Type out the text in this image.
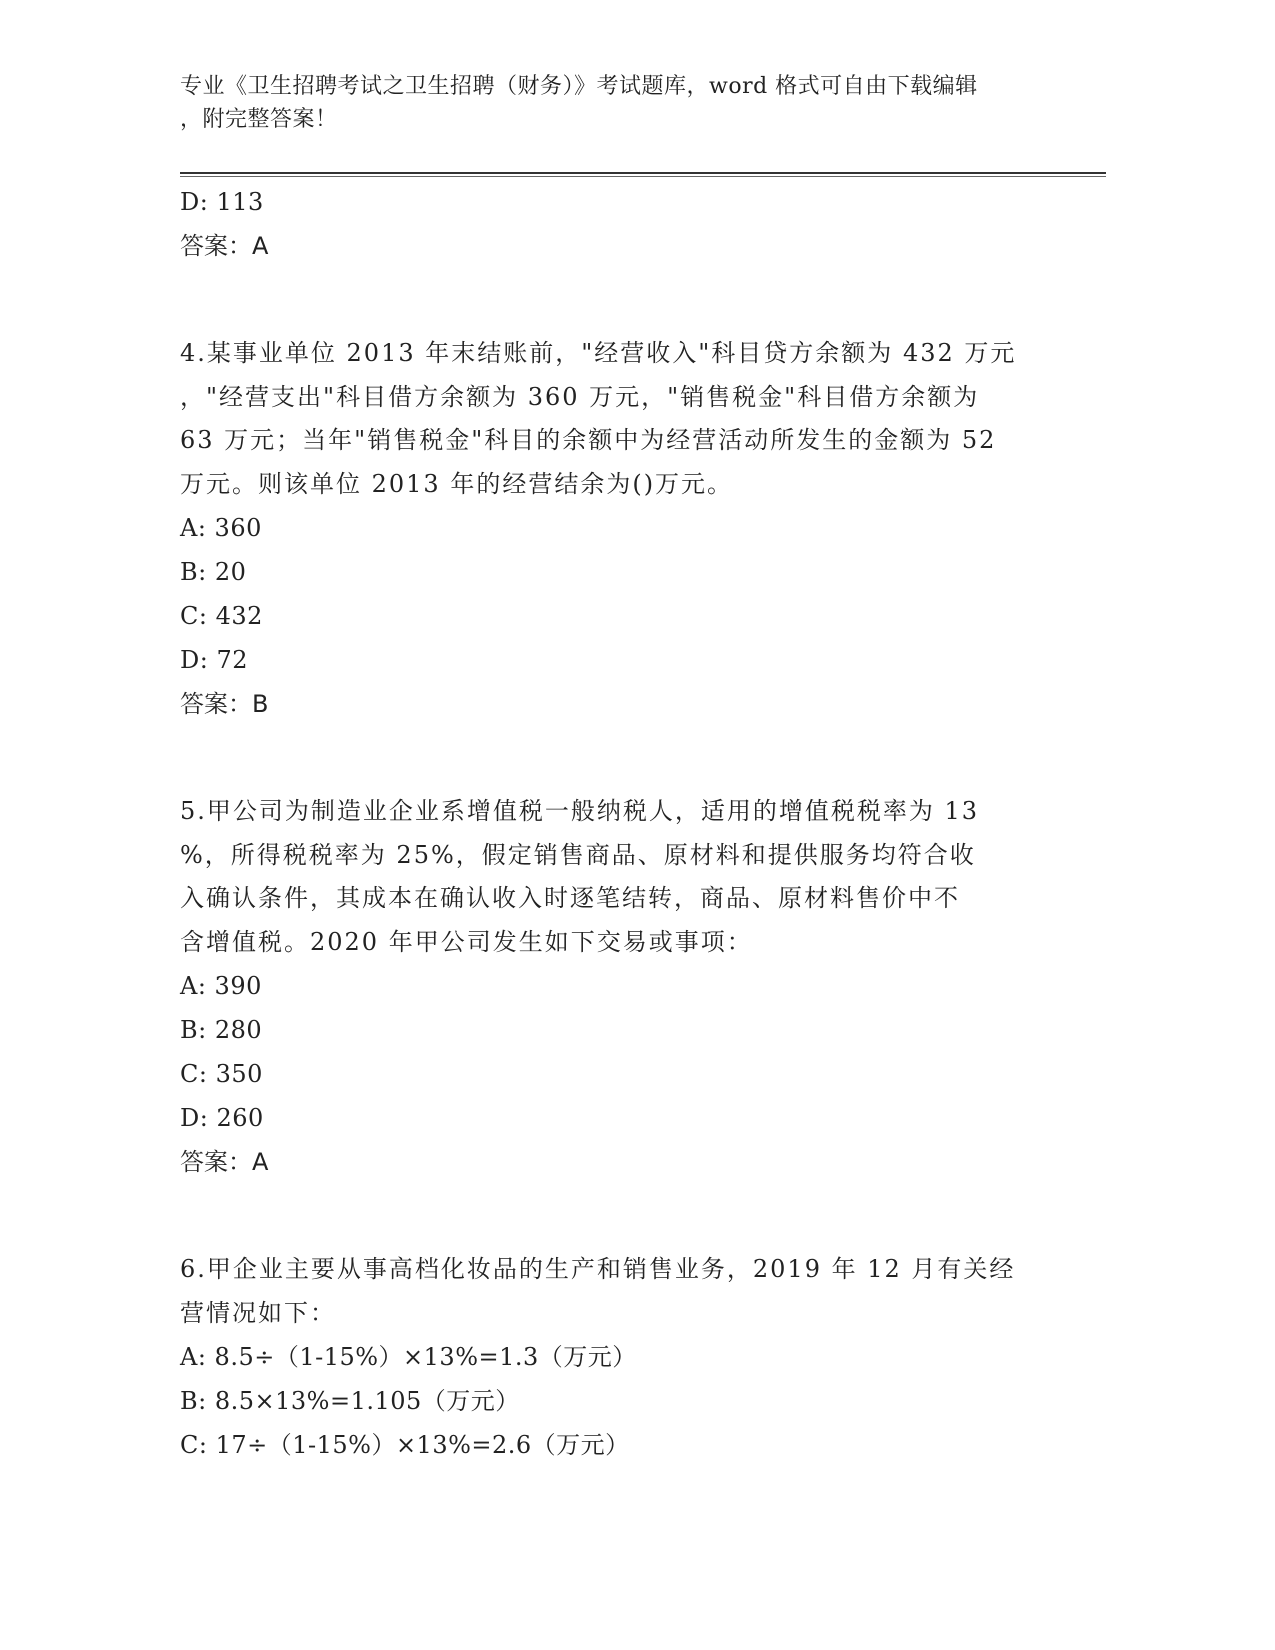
专业《卫生招聘考试之卫生招聘（财务）》考试题库，word 格式可自由下载编辑
，附完整答案！
D: 113
答案：A
4.某事业单位 2013 年末结账前，"经营收入"科目贷方余额为 432 万元
，"经营支出"科目借方余额为 360 万元，"销售税金"科目借方余额为
63 万元；当年"销售税金"科目的余额中为经营活动所发生的金额为 52
万元。则该单位 2013 年的经营结余为()万元。
A: 360
B: 20
C: 432
D: 72
答案：B
5.甲公司为制造业企业系增值税一般纳税人，适用的增值税税率为 13
%，所得税税率为 25%，假定销售商品、原材料和提供服务均符合收
入确认条件，其成本在确认收入时逐笔结转，商品、原材料售价中不
含增值税。2020 年甲公司发生如下交易或事项：
A: 390
B: 280
C: 350
D: 260
答案：A
6.甲企业主要从事高档化妆品的生产和销售业务，2019 年 12 月有关经
营情况如下：
A: 8.5÷（1-15%）×13%=1.3（万元）
B: 8.5×13%=1.105（万元）
C: 17÷（1-15%）×13%=2.6（万元）
